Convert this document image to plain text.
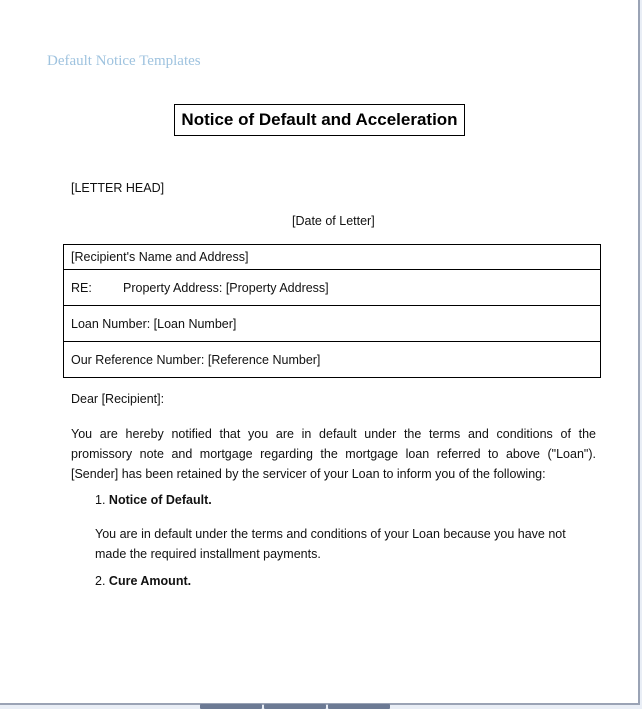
Default Notice Templates
Notice of Default and Acceleration
[LETTER HEAD]
[Date of Letter]
[Recipient's Name and Address]
RE: Property Address: [Property Address]
Loan Number: [Loan Number]
Our Reference Number: [Reference Number]
Dear [Recipient]:
You are hereby notified that you are in default under the terms and conditions of the promissory note and mortgage regarding the mortgage loan referred to above ("Loan"). [Sender] has been retained by the servicer of your Loan to inform you of the following:
1. Notice of Default.
You are in default under the terms and conditions of your Loan because you have not made the required installment payments.
2. Cure Amount.
